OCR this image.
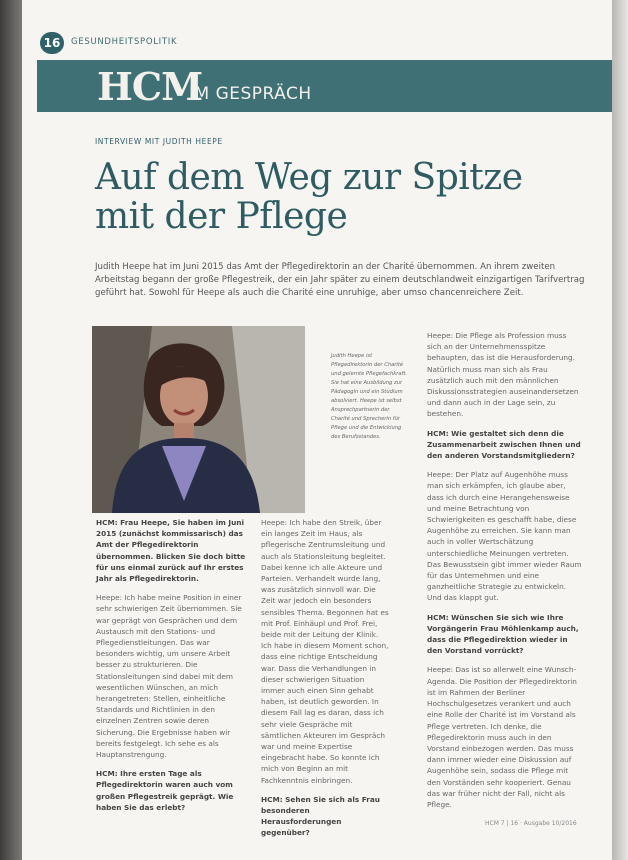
16	GESUNDHEITSPOLITIK
HCM
IM GESPRÄCH
INTERVIEW MIT JUDITH HEEPE
Auf dem Weg zur Spitze
mit der Pflege
Judith Heepe hat im Juni 2015 das Amt der Pflegedirektorin an der Charité übernommen. An ihrem zweiten Arbeitstag begann der große Pflegestreik, der ein Jahr später zu einem deutschlandweit einzigartigen Tarifvertrag geführt hat. Sowohl für Heepe als auch die Charité eine unruhige, aber umso chancenreichere Zeit.
Judith Heepe ist Pflegedirektorin der Charité und gelernte Pflegefachkraft. Sie hat eine Ausbildung zur Pädagogin und ein Studium absolviert. Heepe ist selbst Ansprechpartnerin der Charité und Sprecherin für Pflege und die Entwicklung des Berufsstandes.

HCM: Frau Heepe, Sie haben im Juni 2015 (zunächst kommissarisch) das Amt der Pflegedirektorin übernommen. Blicken Sie doch bitte für uns einmal zurück auf Ihr erstes Jahr als Pflegedirektorin.

Heepe: Ich habe meine Position in einer sehr schwierigen Zeit übernommen. Sie war geprägt von Gesprächen und dem Austausch mit den Stations- und Pflegedienstleitungen. Das war besonders wichtig, um unsere Arbeit besser zu strukturieren. Die Stationsleitungen sind dabei mit dem wesentlichen Wünschen, an mich herangetreten: Stellen, einheitliche Standards und Richtlinien in den einzelnen Zentren sowie deren Sicherung. Die Ergebnisse haben wir bereits festgelegt. Ich sehe es als Hauptanstrengung.

HCM: Ihre ersten Tage als Pflegedirektorin waren auch vom großen Pflegestreik geprägt. Wie haben Sie das erlebt?

Heepe: Ich habe den Streik, über ein langes Zeit im Haus, als pflegerische Zentrumsleitung und auch als Stationsleitung begleitet. Dabei kenne ich alle Akteure und Parteien. Verhandelt wurde lang, was zusätzlich sinnvoll war. Die Zeit war jedoch ein besonders sensibles Thema. Begonnen hat es mit Prof. Einhäupl und Prof. Frei, beide mit der Leitung der Klinik. Ich habe in diesem Moment schon, dass eine richtige Entscheidung war. Dass die Verhandlungen in dieser schwierigen Situation immer auch einen Sinn gehabt haben, ist deutlich geworden. In diesem Fall lag es daran, dass ich sehr viele Gespräche mit sämtlichen Akteuren im Gespräch war und meine Expertise eingebracht habe. So konnte ich mich von Beginn an mit Fachkenntnis einbringen.

HCM: Sehen Sie sich als Frau besonderen Herausforderungen gegenüber?

Heepe: Die Pflege als Profession muss sich an der Unternehmensspitze behaupten, das ist die Herausforderung. Natürlich muss man sich als Frau zusätzlich auch mit den männlichen Diskussionsstrategien auseinandersetzen und dann auch in der Lage sein, zu bestehen.

HCM: Wie gestaltet sich denn die Zusammenarbeit zwischen Ihnen und den anderen Vorstandsmitgliedern?

Heepe: Der Platz auf Augenhöhe muss man sich erkämpfen, ich glaube aber, dass ich durch eine Herangehensweise und meine Betrachtung von Schwierigkeiten es geschafft habe, diese Augenhöhe zu erreichen. Sie kann man auch in voller Wertschätzung unterschiedliche Meinungen vertreten. Das Bewusstsein gibt immer wieder Raum für das Unternehmen und eine ganzheitliche Strategie zu entwickeln. Und das klappt gut.

HCM: Wünschen Sie sich wie Ihre Vorgängerin Frau Möhlenkamp auch, dass die Pflegedirektion wieder in den Vorstand vorrückt?

Heepe: Das ist so allerwelt eine Wunsch-Agenda. Die Position der Pflegedirektorin ist im Rahmen der Berliner Hochschulgesetzes verankert und auch eine Rolle der Charité ist im Vorstand als Pflege vertreten. Ich denke, die Pflegedirektorin muss auch in den Vorstand einbezogen werden. Das muss dann immer wieder eine Diskussion auf Augenhöhe sein, sodass die Pflege mit den Vorständen sehr kooperiert. Genau das war früher nicht der Fall, nicht als Pflege.

HCM 7 | 16 · Ausgabe 10/2016
